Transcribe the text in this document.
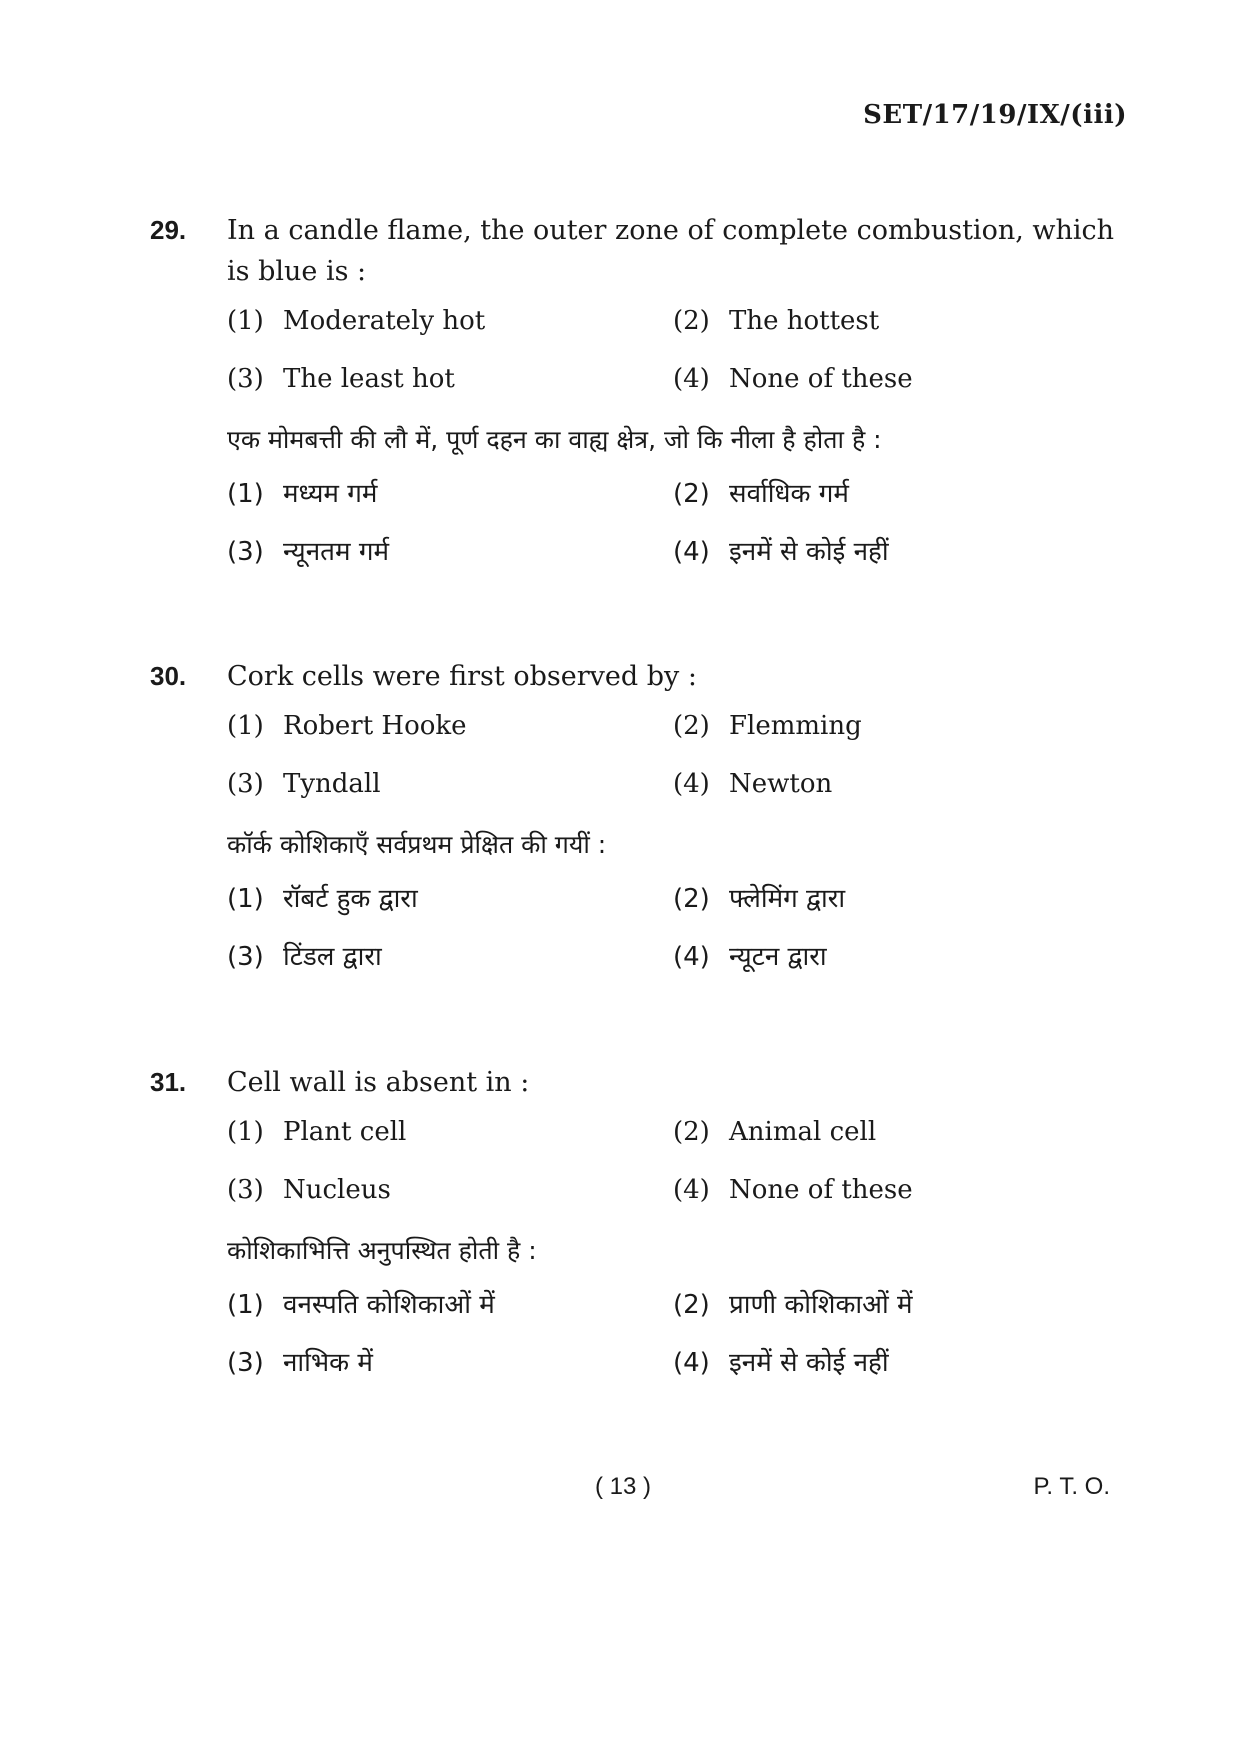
SET/17/19/IX/(iii)
29. In a candle flame, the outer zone of complete combustion, which is blue is :
(1) Moderately hot	(2) The hottest
(3) The least hot	(4) None of these
एक मोमबत्ती की लौ में, पूर्ण दहन का वाह्य क्षेत्र, जो कि नीला है होता है :
(1) मध्यम गर्म	(2) सर्वाधिक गर्म
(3) न्यूनतम गर्म	(4) इनमें से कोई नहीं
30. Cork cells were first observed by :
(1) Robert Hooke	(2) Flemming
(3) Tyndall	(4) Newton
कॉर्क कोशिकाएँ सर्वप्रथम प्रेक्षित की गयीं :
(1) रॉबर्ट हुक द्वारा	(2) फ्लेमिंग द्वारा
(3) टिंडल द्वारा	(4) न्यूटन द्वारा
31. Cell wall is absent in :
(1) Plant cell	(2) Animal cell
(3) Nucleus	(4) None of these
कोशिकाभित्ति अनुपस्थित होती है :
(1) वनस्पति कोशिकाओं में	(2) प्राणी कोशिकाओं में
(3) नाभिक में	(4) इनमें से कोई नहीं
( 13 )	P. T. O.
